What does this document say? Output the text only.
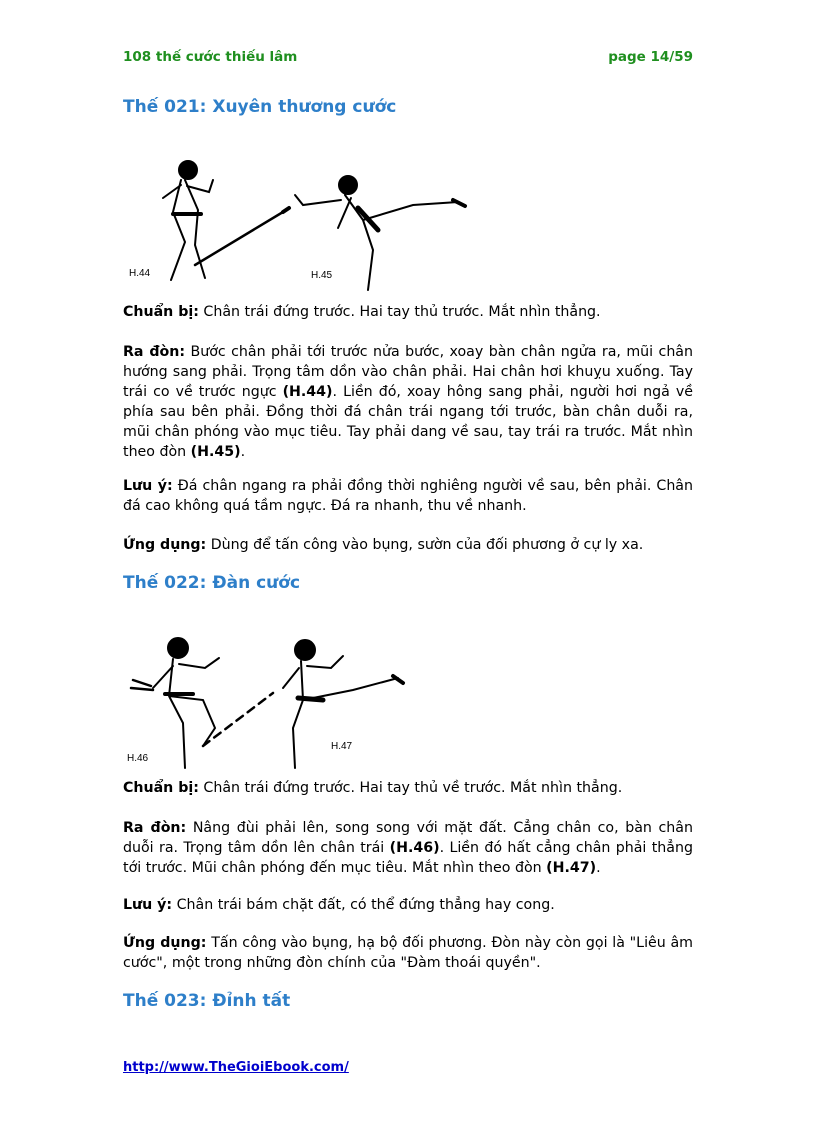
108 thế cước thiếu lâm	page 14/59
Thế 021: Xuyên thương cước
H.44	H.45

Chuẩn bị: Chân trái đứng trước. Hai tay thủ trước. Mắt nhìn thẳng.

Ra đòn: Bước chân phải tới trước nửa bước, xoay bàn chân ngửa ra, mũi chân hướng sang phải. Trọng tâm dồn vào chân phải. Hai chân hơi khuỵu xuống. Tay trái co về trước ngực (H.44). Liền đó, xoay hông sang phải, người hơi ngả về phía sau bên phải. Đồng thời đá chân trái ngang tới trước, bàn chân duỗi ra, mũi chân phóng vào mục tiêu. Tay phải dang về sau, tay trái ra trước. Mắt nhìn theo đòn (H.45).

Lưu ý: Đá chân ngang ra phải đồng thời nghiêng người về sau, bên phải. Chân đá cao không quá tầm ngực. Đá ra nhanh, thu về nhanh.

Ứng dụng: Dùng để tấn công vào bụng, sườn của đối phương ở cự ly xa.

Thế 022: Đàn cước
H.46
H.47

Chuẩn bị: Chân trái đứng trước. Hai tay thủ về trước. Mắt nhìn thẳng.

Ra đòn: Nâng đùi phải lên, song song với mặt đất. Cẳng chân co, bàn chân duỗi ra. Trọng tâm dồn lên chân trái (H.46). Liền đó hất cẳng chân phải thẳng tới trước. Mũi chân phóng đến mục tiêu. Mắt nhìn theo đòn (H.47).

Lưu ý: Chân trái bám chặt đất, có thể đứng thẳng hay cong.

Ứng dụng: Tấn công vào bụng, hạ bộ đối phương. Đòn này còn gọi là "Liêu âm cước", một trong những đòn chính của "Đàm thoái quyền".

Thế 023: Đỉnh tất
http://www.TheGioiEbook.com/
